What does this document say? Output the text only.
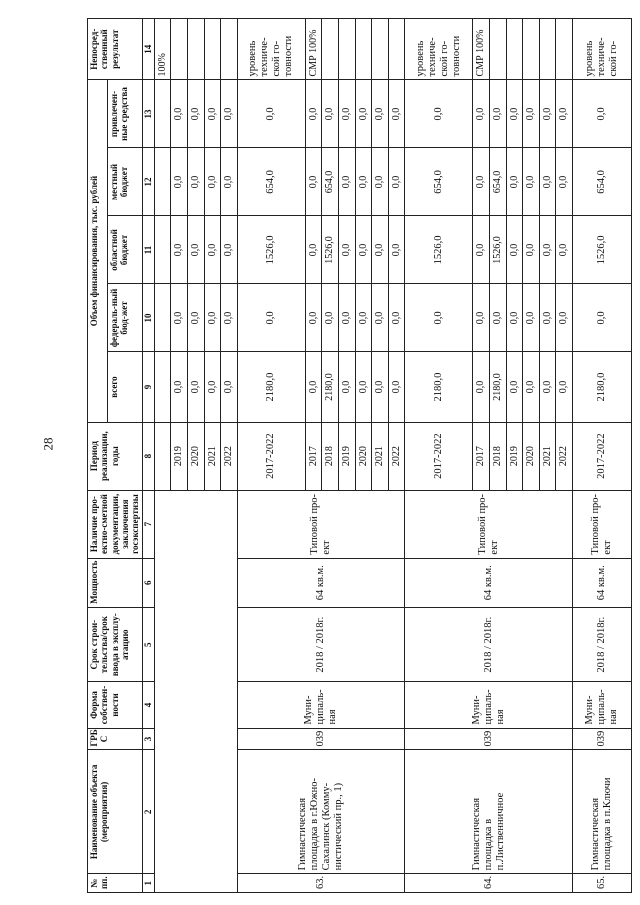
28
№ пп.	Наименование объекта (мероприятия)	ГРБ С	Форма собствен-ности	Срок строи-тельства/срок ввода в эксплу-атацию	Мощность	Наличие про-ектно-сметной документации, заключения госэкспертизы	Период реализации, годы	Объем финансирования, тыс. рублей					Непосред-ственный результат
								всего	федераль-ный бюд-жет	областной бюджет	местный бюджет	привлечен-ные средства	
1	2	3	4	5	6	7	8	9	10	11	12	13	14
													100%
							2019	0,0	0,0	0,0	0,0	0,0	
							2020	0,0	0,0	0,0	0,0	0,0	
							2021	0,0	0,0	0,0	0,0	0,0	
							2022	0,0	0,0	0,0	0,0	0,0	
63.	Гимнастическая площадка в г.Южно-Сахалинск (Комму-нистический пр., 1)	039	Муни-ципаль-ная	2018 / 2018г.	64 кв.м.	Типовой про-ект	2017-2022	2180,0	0,0	1526,0	654,0	0,0	уровень техниче-ской го-товности
							2017	0,0	0,0	0,0	0,0	0,0	СМР 100%
							2018	2180,0	0,0	1526,0	654,0	0,0	
							2019	0,0	0,0	0,0	0,0	0,0	
							2020	0,0	0,0	0,0	0,0	0,0	
							2021	0,0	0,0	0,0	0,0	0,0	
							2022	0,0	0,0	0,0	0,0	0,0	
64.	Гимнастическая площадка в п.Лиственничное	039	Муни-ципаль-ная	2018 / 2018г.	64 кв.м.	Типовой про-ект	2017-2022	2180,0	0,0	1526,0	654,0	0,0	уровень техниче-ской го-товности
							2017	0,0	0,0	0,0	0,0	0,0	СМР 100%
							2018	2180,0	0,0	1526,0	654,0	0,0	
							2019	0,0	0,0	0,0	0,0	0,0	
							2020	0,0	0,0	0,0	0,0	0,0	
							2021	0,0	0,0	0,0	0,0	0,0	
							2022	0,0	0,0	0,0	0,0	0,0	
65.	Гимнастическая площадка в п.Ключи	039	Муни-ципаль-ная	2018 / 2018г.	64 кв.м.	Типовой про-ект	2017-2022	2180,0	0,0	1526,0	654,0	0,0	уровень техниче-ской го-
